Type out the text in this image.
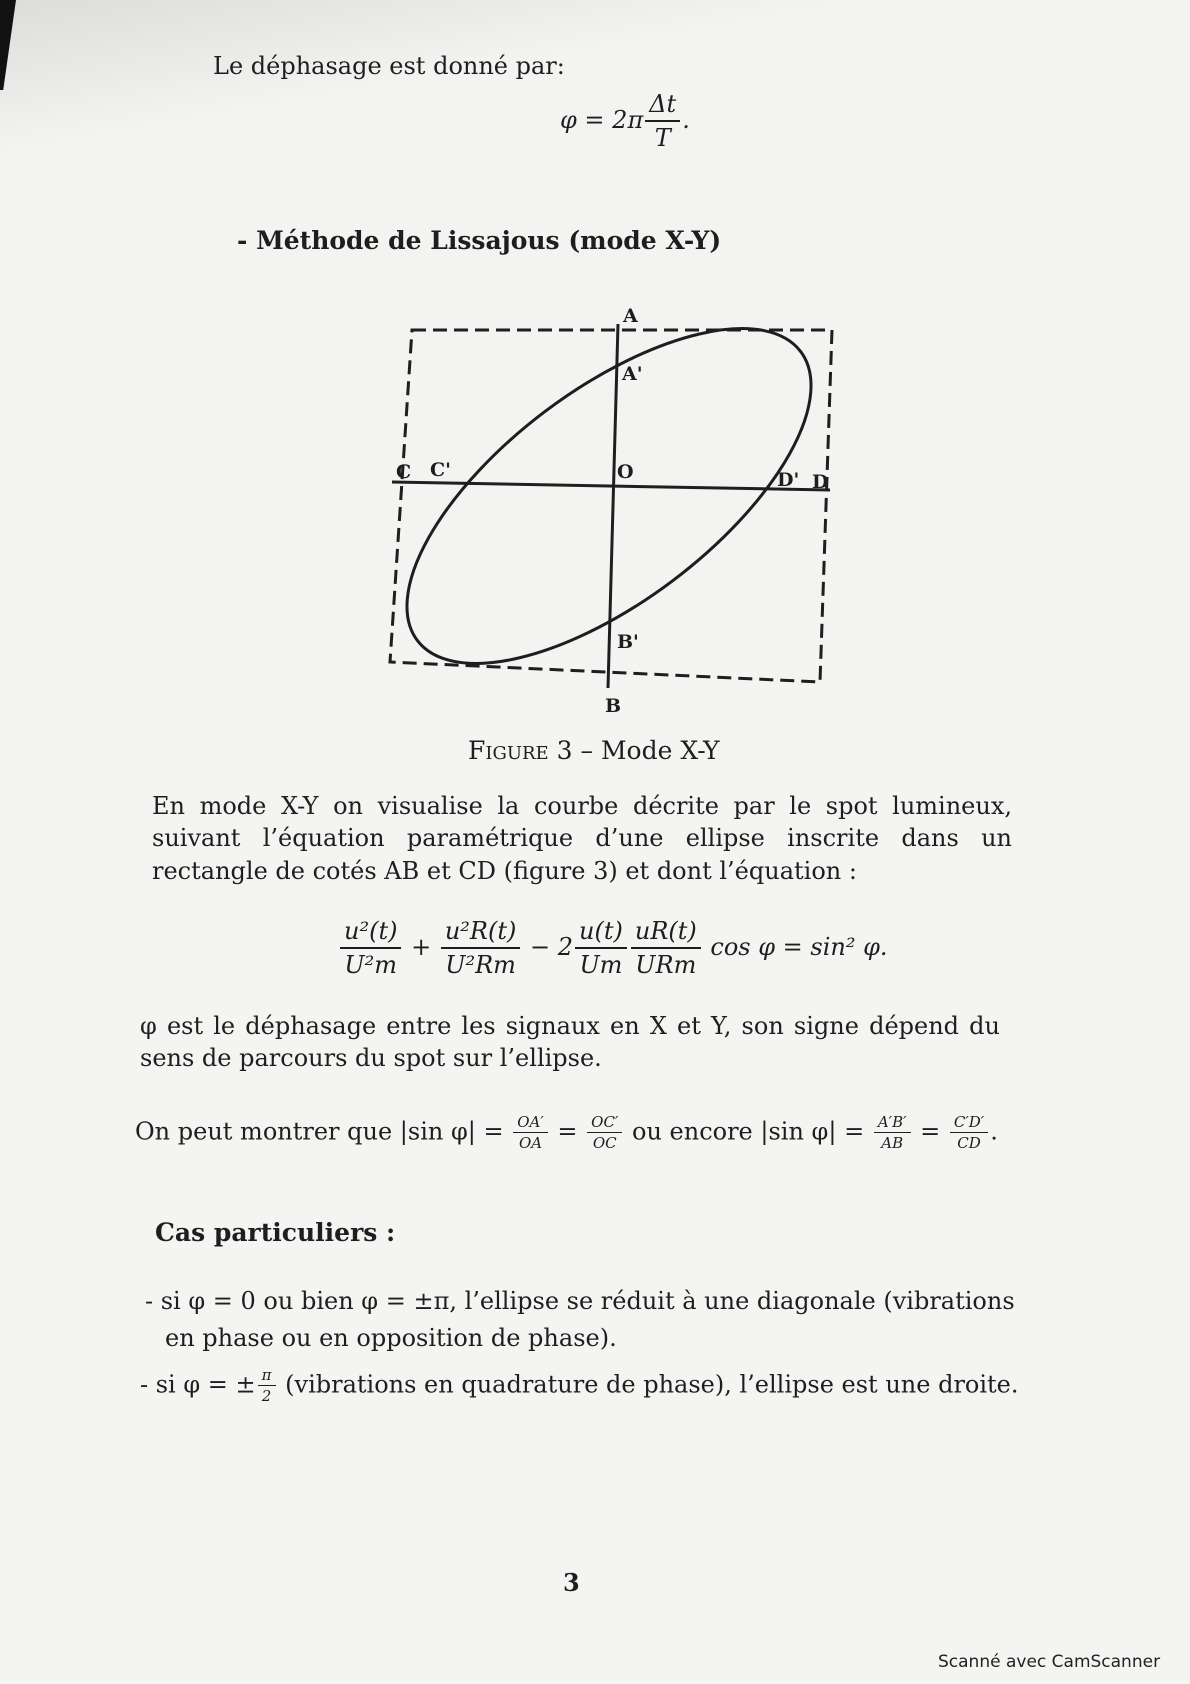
Le déphasage est donné par:
$\varphi = 2\pi \frac{\Delta t}{T}$ .
- Méthode de Lissajous (mode X-Y)
A
A'
O
C C'	D' D
B'
B
Figure 3 – Mode X-Y
En mode X-Y on visualise la courbe décrite par le spot lumineux, suivant l’équation paramétrique d’une ellipse inscrite dans un rectangle de cotés AB et CD (figure 3) et dont l’équation :
$\frac{\text{u²(t)}}{\text{U²m}} + \frac{\text{u²R(t)}}{\text{U²Rm}} - 2 \frac{u(t)}{Um} \frac{uR(t)}{\text{URm}}$ cos φ = sin² φ.
φ est le déphasage entre les signaux en X et Y, son signe dépend du sens de parcours du spot sur l’ellipse.
On peut montrer que |sin $\varphi| = \frac{OA'}{OA} = \frac{OC'}{OC}$ ou encore |sin $\varphi| = \frac{A'B'}{AB} = \frac{C'D'}{CD}$ .
Cas particuliers :
- si φ = 0 ou bien φ = ±π, l’ellipse se réduit à une diagonale (vibrations
en phase ou en opposition de phase).
- si φ = ± $\frac{\pi}{2}$ (vibrations en quadrature de phase), l’ellipse est une droite.
3
Scanné avec CamScanner
